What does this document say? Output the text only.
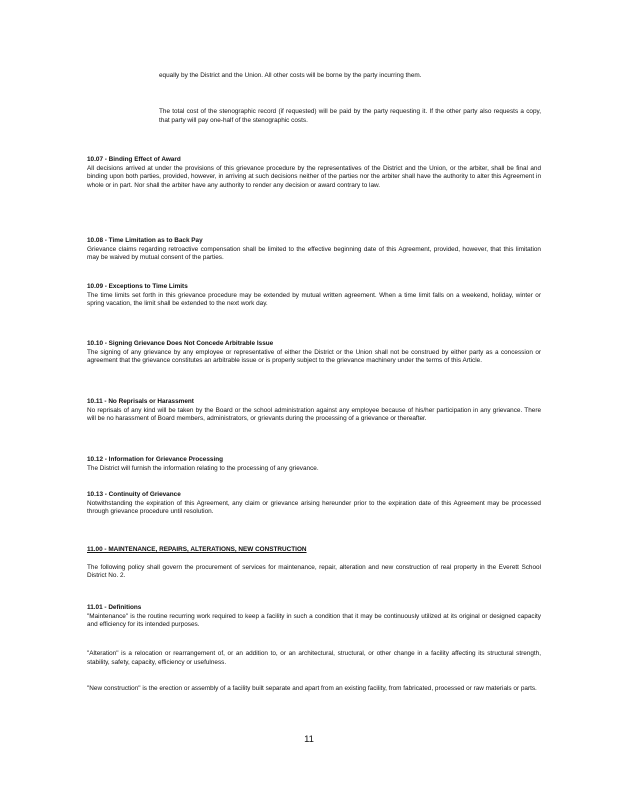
equally by the District and the Union. All other costs will be borne by the party incurring them.

The total cost of the stenographic record (if requested) will be paid by the party requesting it. If the other party also requests a copy, that party will pay one-half of the stenographic costs.

10.07 - Binding Effect of Award

All decisions arrived at under the provisions of this grievance procedure by the representatives of the District and the Union, or the arbiter, shall be final and binding upon both parties, provided, however, in arriving at such decisions neither of the parties nor the arbiter shall have the authority to alter this Agreement in whole or in part. Nor shall the arbiter have any authority to render any decision or award contrary to law.

10.08 - Time Limitation as to Back Pay

Grievance claims regarding retroactive compensation shall be limited to the effective beginning date of this Agreement, provided, however, that this limitation may be waived by mutual consent of the parties.

10.09 - Exceptions to Time Limits

The time limits set forth in this grievance procedure may be extended by mutual written agreement. When a time limit falls on a weekend, holiday, winter or spring vacation, the limit shall be extended to the next work day.

10.10 - Signing Grievance Does Not Concede Arbitrable Issue

The signing of any grievance by any employee or representative of either the District or the Union shall not be construed by either party as a concession or agreement that the grievance constitutes an arbitrable issue or is properly subject to the grievance machinery under the terms of this Article.

10.11 - No Reprisals or Harassment

No reprisals of any kind will be taken by the Board or the school administration against any employee because of his/her participation in any grievance. There will be no harassment of Board members, administrators, or grievants during the processing of a grievance or thereafter.

10.12 - Information for Grievance Processing

The District will furnish the information relating to the processing of any grievance.

10.13 - Continuity of Grievance

Notwithstanding the expiration of this Agreement, any claim or grievance arising hereunder prior to the expiration date of this Agreement may be processed through grievance procedure until resolution.

11.00 - MAINTENANCE, REPAIRS, ALTERATIONS, NEW CONSTRUCTION

The following policy shall govern the procurement of services for maintenance, repair, alteration and new construction of real property in the Everett School District No. 2.

11.01 - Definitions

"Maintenance" is the routine recurring work required to keep a facility in such a condition that it may be continuously utilized at its original or designed capacity and efficiency for its intended purposes.

"Alteration" is a relocation or rearrangement of, or an addition to, or an architectural, structural, or other change in a facility affecting its structural strength, stability, safety, capacity, efficiency or usefulness.

"New construction" is the erection or assembly of a facility built separate and apart from an existing facility, from fabricated, processed or raw materials or parts.

11
